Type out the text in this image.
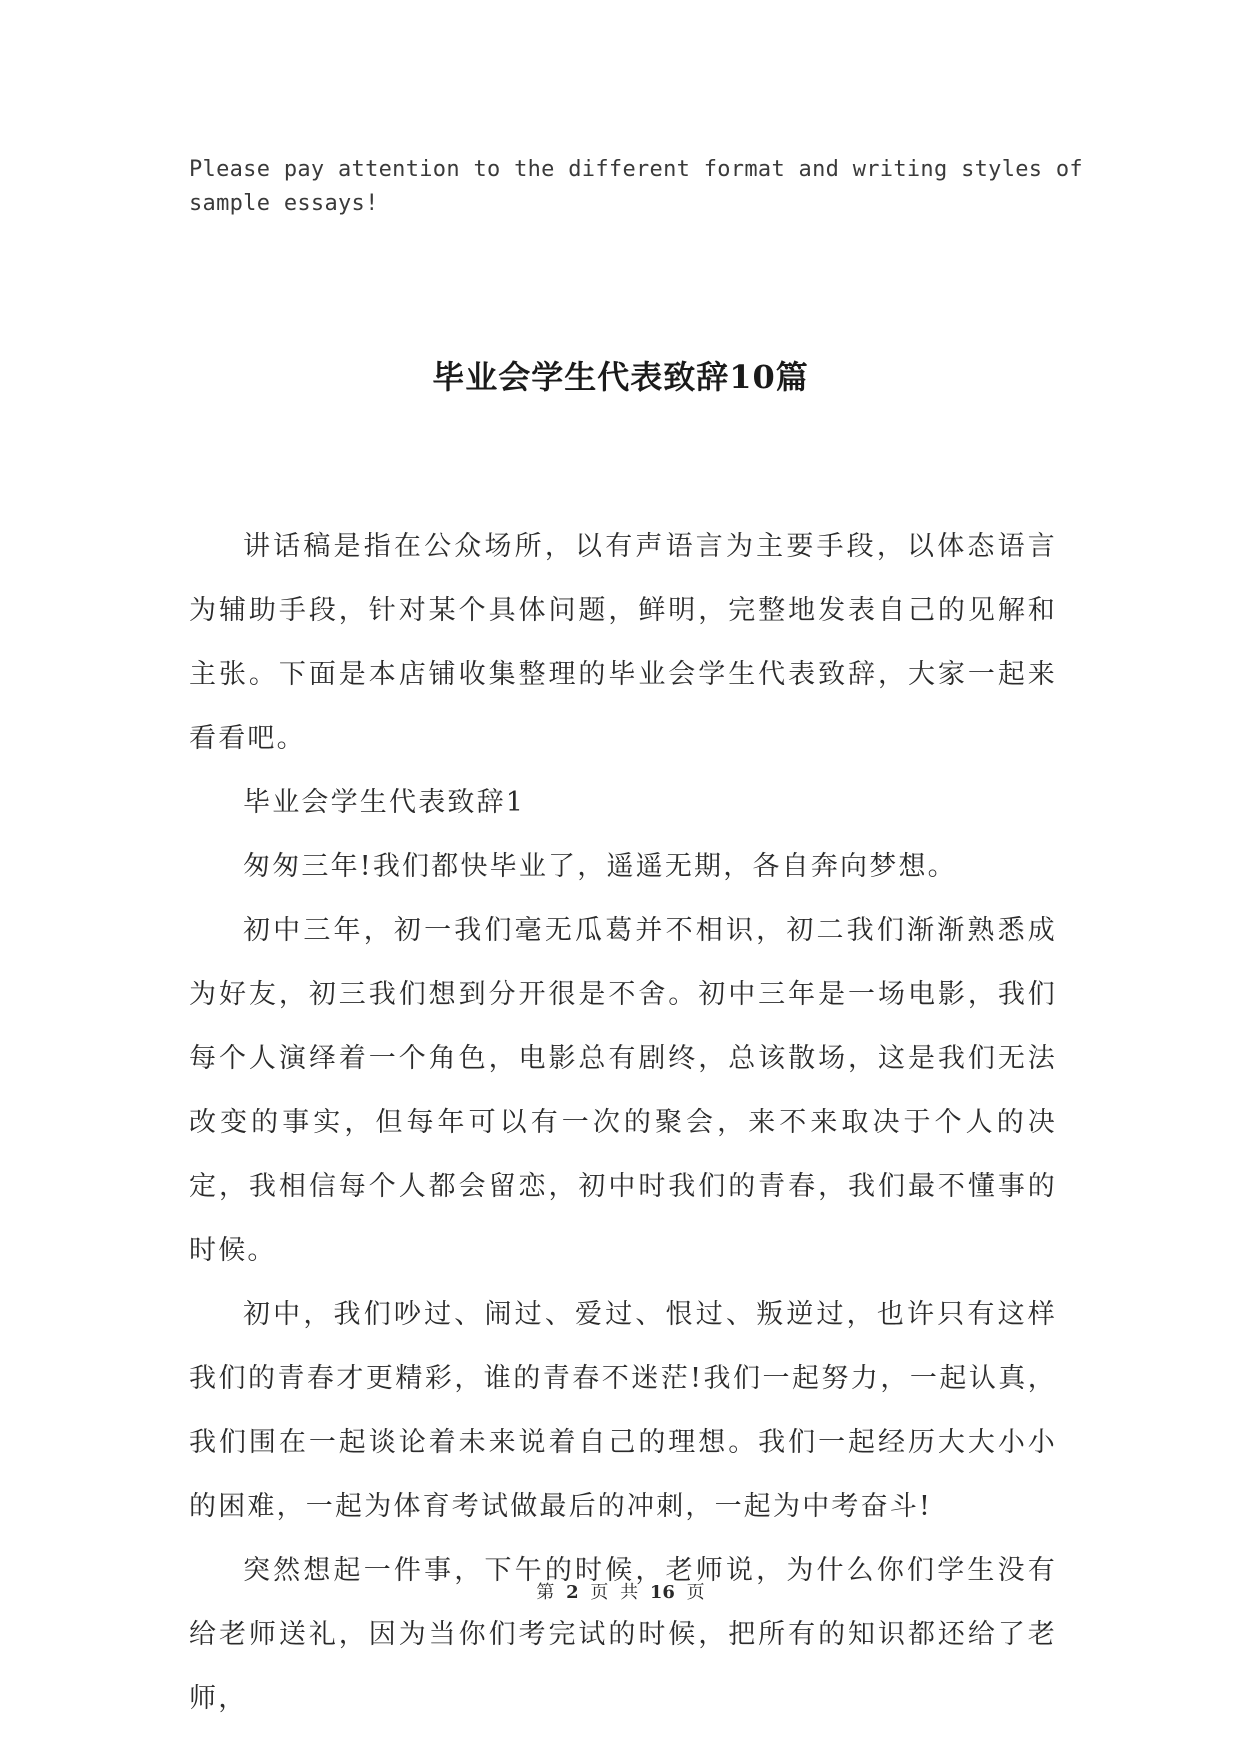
Please pay attention to the different format and writing styles of sample essays!
毕业会学生代表致辞10篇

讲话稿是指在公众场所，以有声语言为主要手段，以体态语言为辅助手段，针对某个具体问题，鲜明，完整地发表自己的见解和主张。下面是本店铺收集整理的毕业会学生代表致辞，大家一起来看看吧。

毕业会学生代表致辞1

匆匆三年!我们都快毕业了，遥遥无期，各自奔向梦想。

初中三年，初一我们毫无瓜葛并不相识，初二我们渐渐熟悉成为好友，初三我们想到分开很是不舍。初中三年是一场电影，我们每个人演绎着一个角色，电影总有剧终，总该散场，这是我们无法改变的事实，但每年可以有一次的聚会，来不来取决于个人的决定，我相信每个人都会留恋，初中时我们的青春，我们最不懂事的时候。

初中，我们吵过、闹过、爱过、恨过、叛逆过，也许只有这样我们的青春才更精彩，谁的青春不迷茫!我们一起努力，一起认真，我们围在一起谈论着未来说着自己的理想。我们一起经历大大小小的困难，一起为体育考试做最后的冲刺，一起为中考奋斗!

突然想起一件事，下午的时候，老师说，为什么你们学生没有给老师送礼，因为当你们考完试的时候，把所有的知识都还给了老师，

第 2 页 共 16 页
